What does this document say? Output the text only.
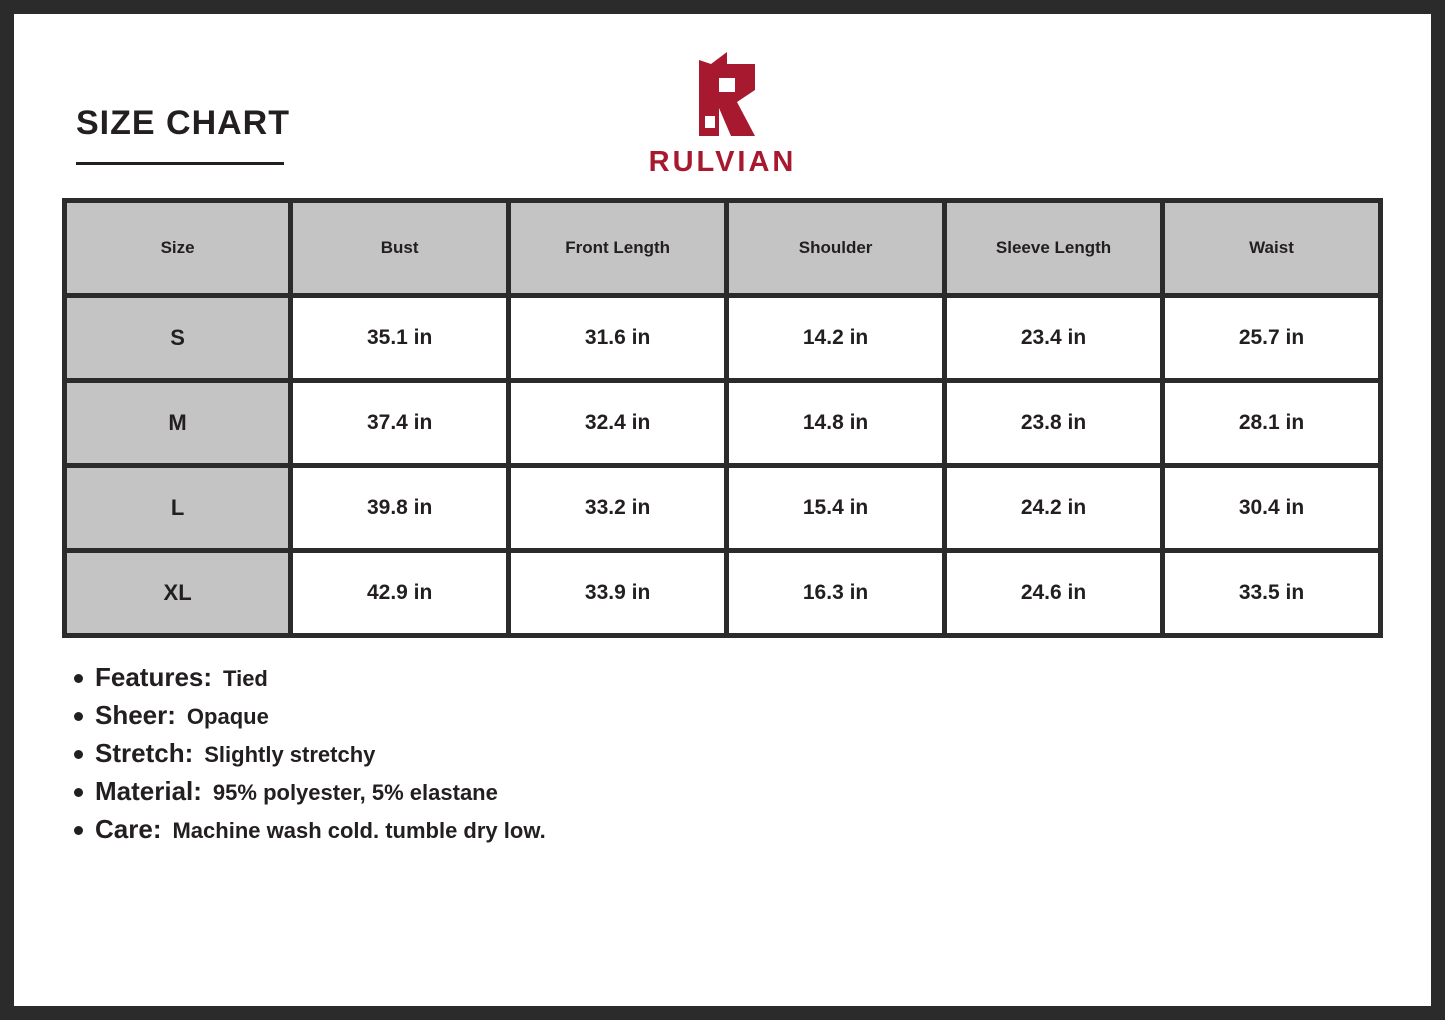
SIZE CHART
RULVIAN
Size	Bust	Front Length	Shoulder	Sleeve Length	Waist
S	35.1 in	31.6 in	14.2 in	23.4 in	25.7 in
M	37.4 in	32.4 in	14.8 in	23.8 in	28.1 in
L	39.8 in	33.2 in	15.4 in	24.2 in	30.4 in
XL	42.9 in	33.9 in	16.3 in	24.6 in	33.5 in
Features: Tied
Sheer: Opaque
Stretch: Slightly stretchy
Material: 95% polyester, 5% elastane
Care: Machine wash cold. tumble dry low.
